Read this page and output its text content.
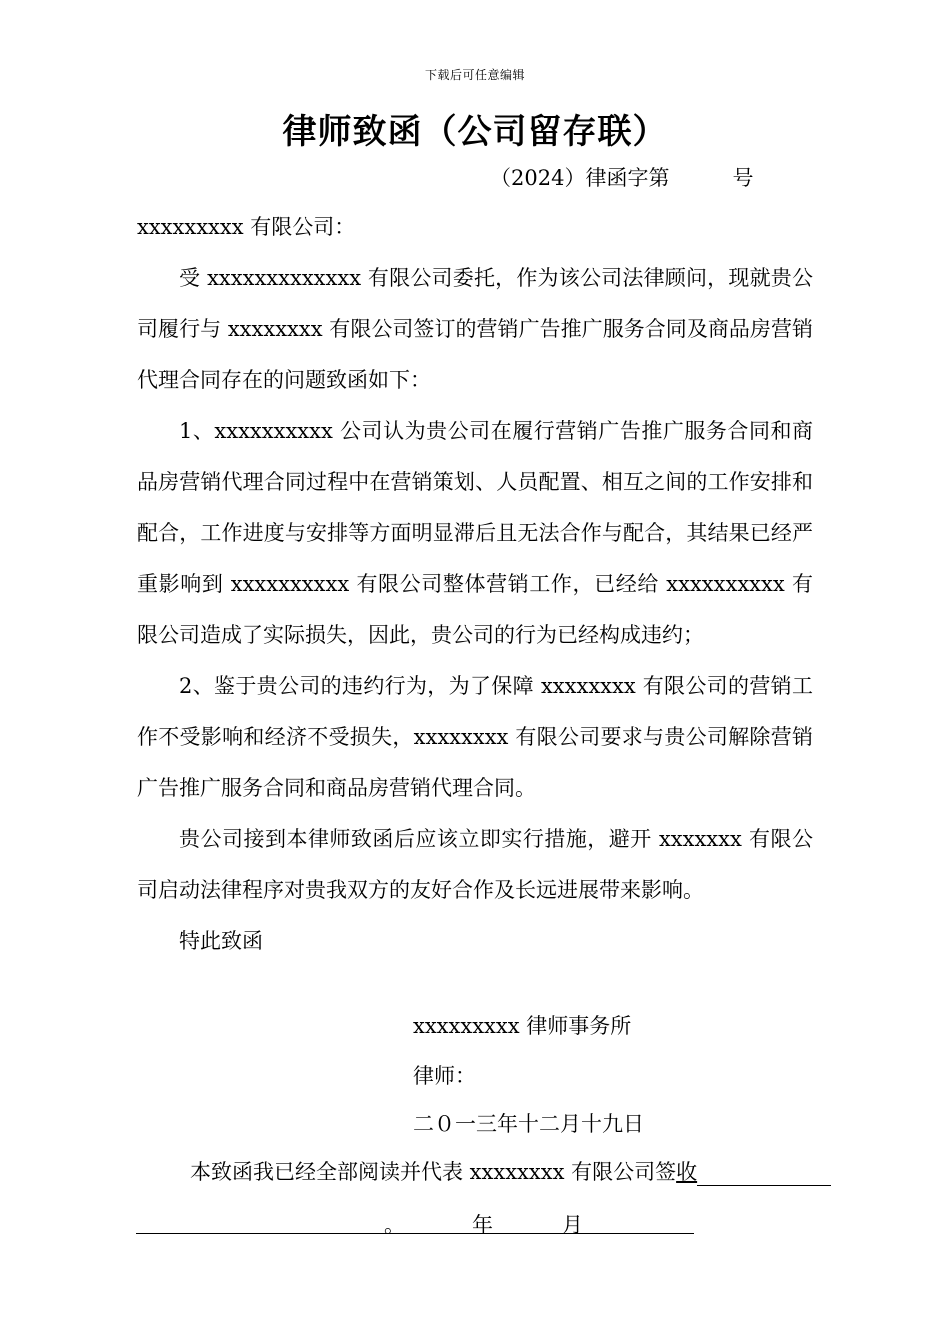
下载后可任意编辑
律师致函（公司留存联）
（2024）律函字第　　　号

xxxxxxxxx 有限公司：

受 xxxxxxxxxxxxx 有限公司委托，作为该公司法律顾问，现就贵公司履行与 xxxxxxxx 有限公司签订的营销广告推广服务合同及商品房营销代理合同存在的问题致函如下：

1、xxxxxxxxxx 公司认为贵公司在履行营销广告推广服务合同和商品房营销代理合同过程中在营销策划、人员配置、相互之间的工作安排和配合，工作进度与安排等方面明显滞后且无法合作与配合，其结果已经严重影响到 xxxxxxxxxx 有限公司整体营销工作，已经给 xxxxxxxxxx 有限公司造成了实际损失，因此，贵公司的行为已经构成违约；

2、鉴于贵公司的违约行为，为了保障 xxxxxxxx 有限公司的营销工作不受影响和经济不受损失，xxxxxxxx 有限公司要求与贵公司解除营销广告推广服务合同和商品房营销代理合同。

贵公司接到本律师致函后应该立即实行措施，避开 xxxxxxx 有限公司启动法律程序对贵我双方的友好合作及长远进展带来影响。

特此致函

xxxxxxxxx 律师事务所
律师：
二０一三年十二月十九日
本致函我已经全部阅读并代表 xxxxxxxx 有限公司签收
。	年	月
